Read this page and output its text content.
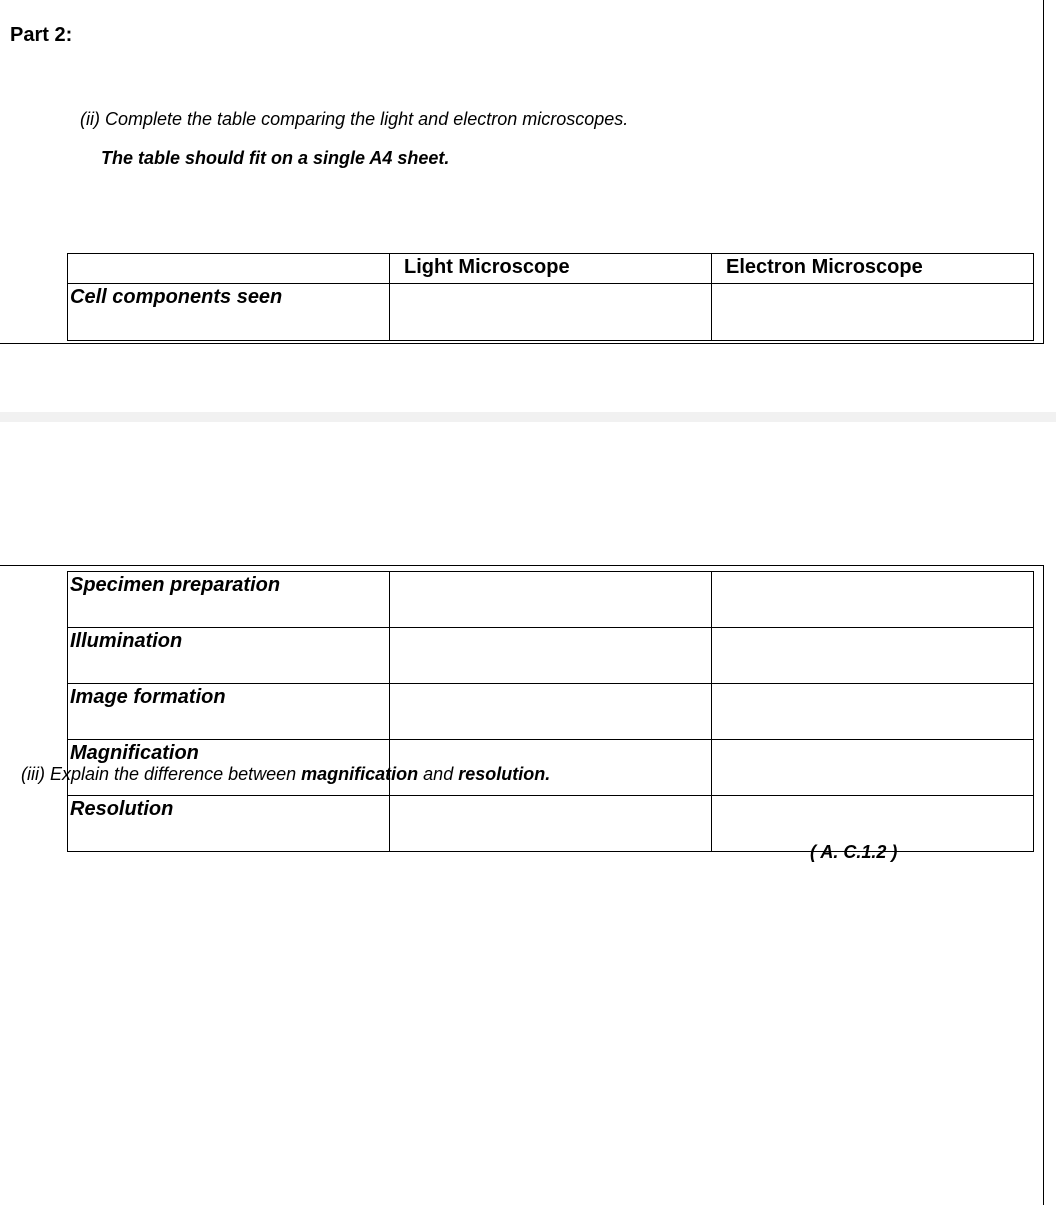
Part 2:
(ii) Complete the table comparing the light and electron microscopes.
The table should fit on a single A4 sheet.
	Light Microscope	Electron Microscope

Cell components seen		

Specimen preparation		

Illumination		

Image formation		

Magnification		

Resolution		

(iii) Explain the difference between magnification and resolution.
( A. C.1.2 )
